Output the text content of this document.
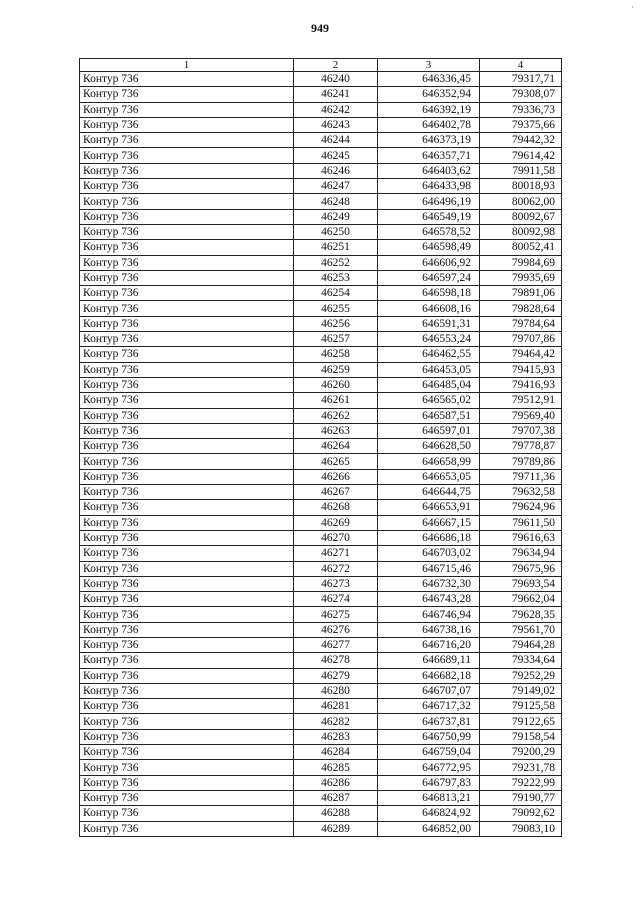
949
·
1	2	3	4
Контур 736	46240	646336,45	79317,71
Контур 736	46241	646352,94	79308,07
Контур 736	46242	646392,19	79336,73
Контур 736	46243	646402,78	79375,66
Контур 736	46244	646373,19	79442,32
Контур 736	46245	646357,71	79614,42
Контур 736	46246	646403,62	79911,58
Контур 736	46247	646433,98	80018,93
Контур 736	46248	646496,19	80062,00
Контур 736	46249	646549,19	80092,67
Контур 736	46250	646578,52	80092,98
Контур 736	46251	646598,49	80052,41
Контур 736	46252	646606,92	79984,69
Контур 736	46253	646597,24	79935,69
Контур 736	46254	646598,18	79891,06
Контур 736	46255	646608,16	79828,64
Контур 736	46256	646591,31	79784,64
Контур 736	46257	646553,24	79707,86
Контур 736	46258	646462,55	79464,42
Контур 736	46259	646453,05	79415,93
Контур 736	46260	646485,04	79416,93
Контур 736	46261	646565,02	79512,91
Контур 736	46262	646587,51	79569,40
Контур 736	46263	646597,01	79707,38
Контур 736	46264	646628,50	79778,87
Контур 736	46265	646658,99	79789,86
Контур 736	46266	646653,05	79711,36
Контур 736	46267	646644,75	79632,58
Контур 736	46268	646653,91	79624,96
Контур 736	46269	646667,15	79611,50
Контур 736	46270	646686,18	79616,63
Контур 736	46271	646703,02	79634,94
Контур 736	46272	646715,46	79675,96
Контур 736	46273	646732,30	79693,54
Контур 736	46274	646743,28	79662,04
Контур 736	46275	646746,94	79628,35
Контур 736	46276	646738,16	79561,70
Контур 736	46277	646716,20	79464,28
Контур 736	46278	646689,11	79334,64
Контур 736	46279	646682,18	79252,29
Контур 736	46280	646707,07	79149,02
Контур 736	46281	646717,32	79125,58
Контур 736	46282	646737,81	79122,65
Контур 736	46283	646750,99	79158,54
Контур 736	46284	646759,04	79200,29
Контур 736	46285	646772,95	79231,78
Контур 736	46286	646797,83	79222,99
Контур 736	46287	646813,21	79190,77
Контур 736	46288	646824,92	79092,62
Контур 736	46289	646852,00	79083,10
